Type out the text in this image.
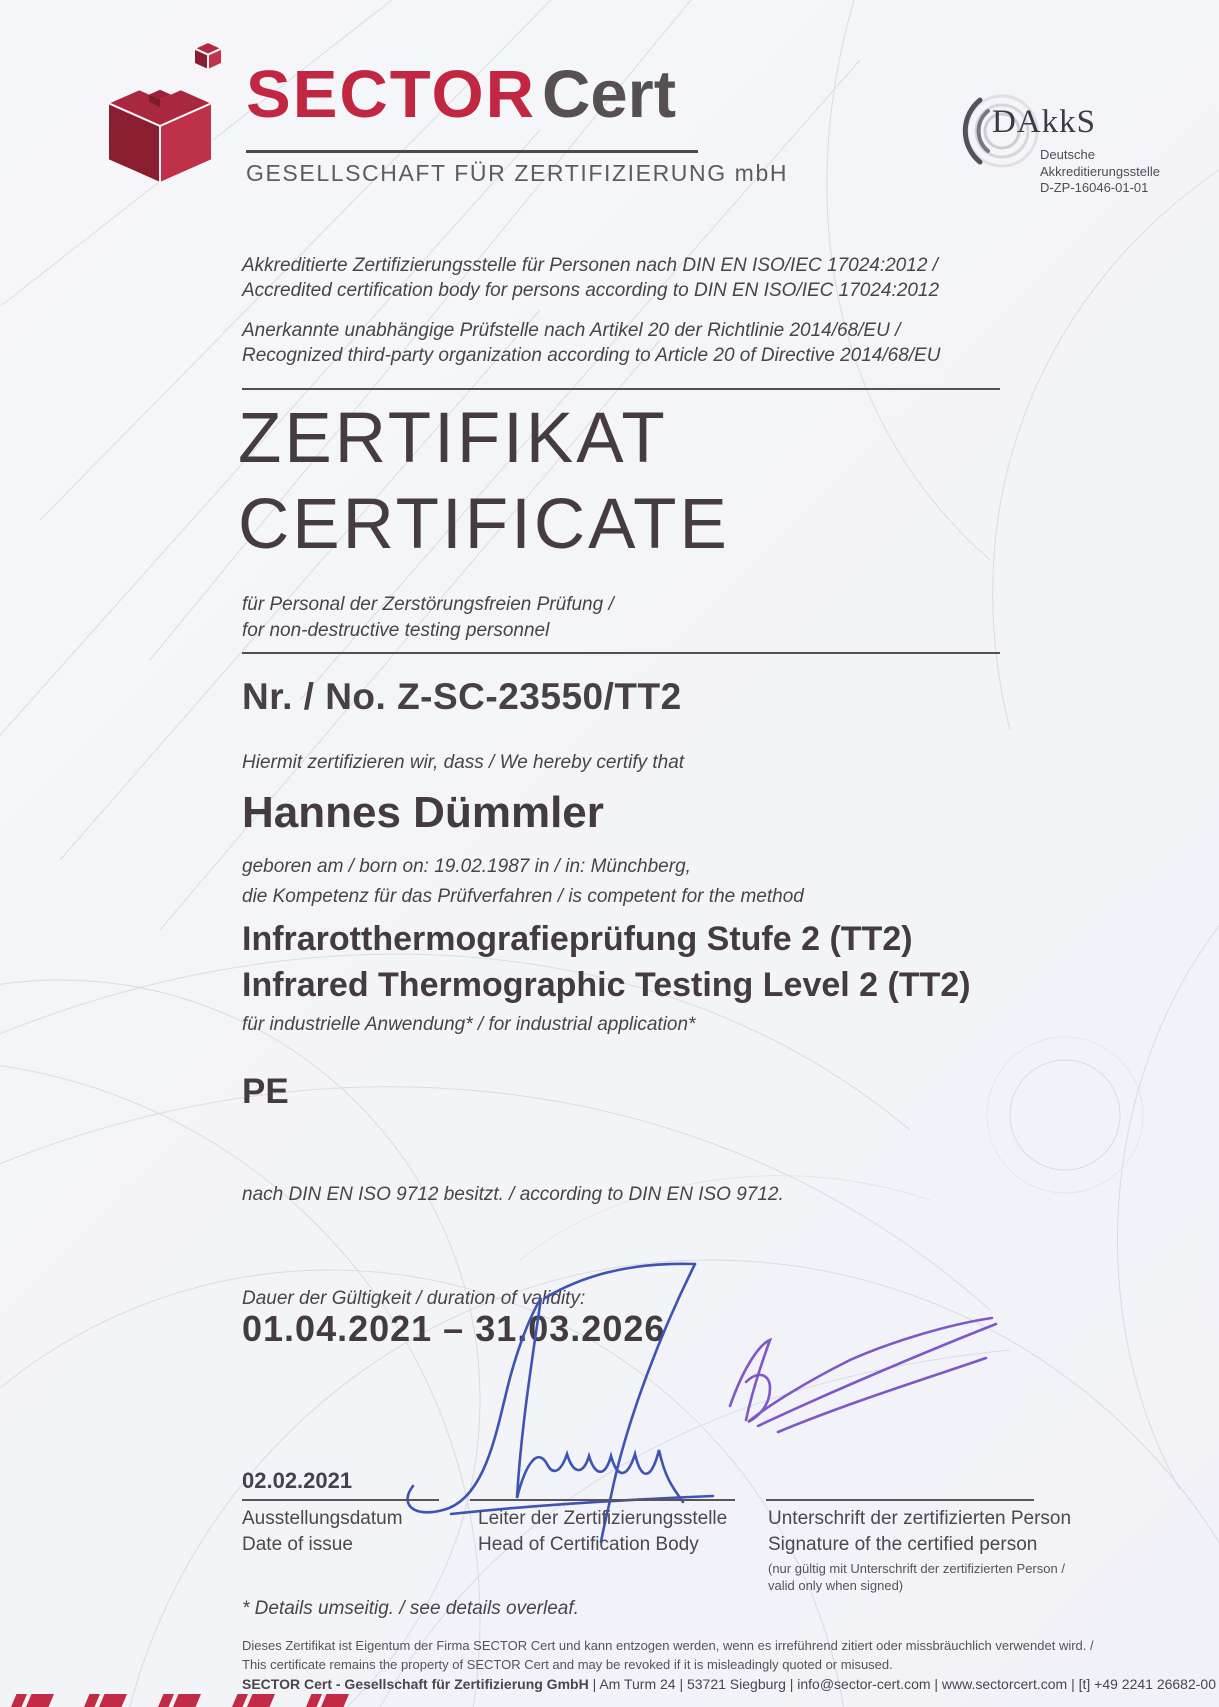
SECTORCert
GESELLSCHAFT FÜR ZERTIFIZIERUNG mbH
DAkkS
Deutsche
Akkreditierungsstelle
D-ZP-16046-01-01
Akkreditierte Zertifizierungsstelle für Personen nach DIN EN ISO/IEC 17024:2012 /
Accredited certification body for persons according to DIN EN ISO/IEC 17024:2012
Anerkannte unabhängige Prüfstelle nach Artikel 20 der Richtlinie 2014/68/EU /
Recognized third-party organization according to Article 20 of Directive 2014/68/EU
ZERTIFIKAT
CERTIFICATE
für Personal der Zerstörungsfreien Prüfung /
for non-destructive testing personnel
Nr. / No. Z-SC-23550/TT2
Hiermit zertifizieren wir, dass / We hereby certify that
Hannes Dümmler
geboren am / born on: 19.02.1987 in / in: Münchberg,
die Kompetenz für das Prüfverfahren / is competent for the method
Infrarotthermografieprüfung Stufe 2 (TT2)
Infrared Thermographic Testing Level 2 (TT2)
für industrielle Anwendung* / for industrial application*
PE
nach DIN EN ISO 9712 besitzt. / according to DIN EN ISO 9712.
Dauer der Gültigkeit / duration of validity:
01.04.2021 – 31.03.2026
02.02.2021
Ausstellungsdatum
Date of issue
Leiter der Zertifizierungsstelle
Head of Certification Body
Unterschrift der zertifizierten Person
Signature of the certified person
(nur gültig mit Unterschrift der zertifizierten Person /
valid only when signed)
* Details umseitig. / see details overleaf.
Dieses Zertifikat ist Eigentum der Firma SECTOR Cert und kann entzogen werden, wenn es irreführend zitiert oder missbräuchlich verwendet wird. /
This certificate remains the property of SECTOR Cert and may be revoked if it is misleadingly quoted or misused.
SECTOR Cert - Gesellschaft für Zertifizierung GmbH | Am Turm 24 | 53721 Siegburg | info@sector-cert.com | www.sectorcert.com | [t] +49 2241 26682-00
